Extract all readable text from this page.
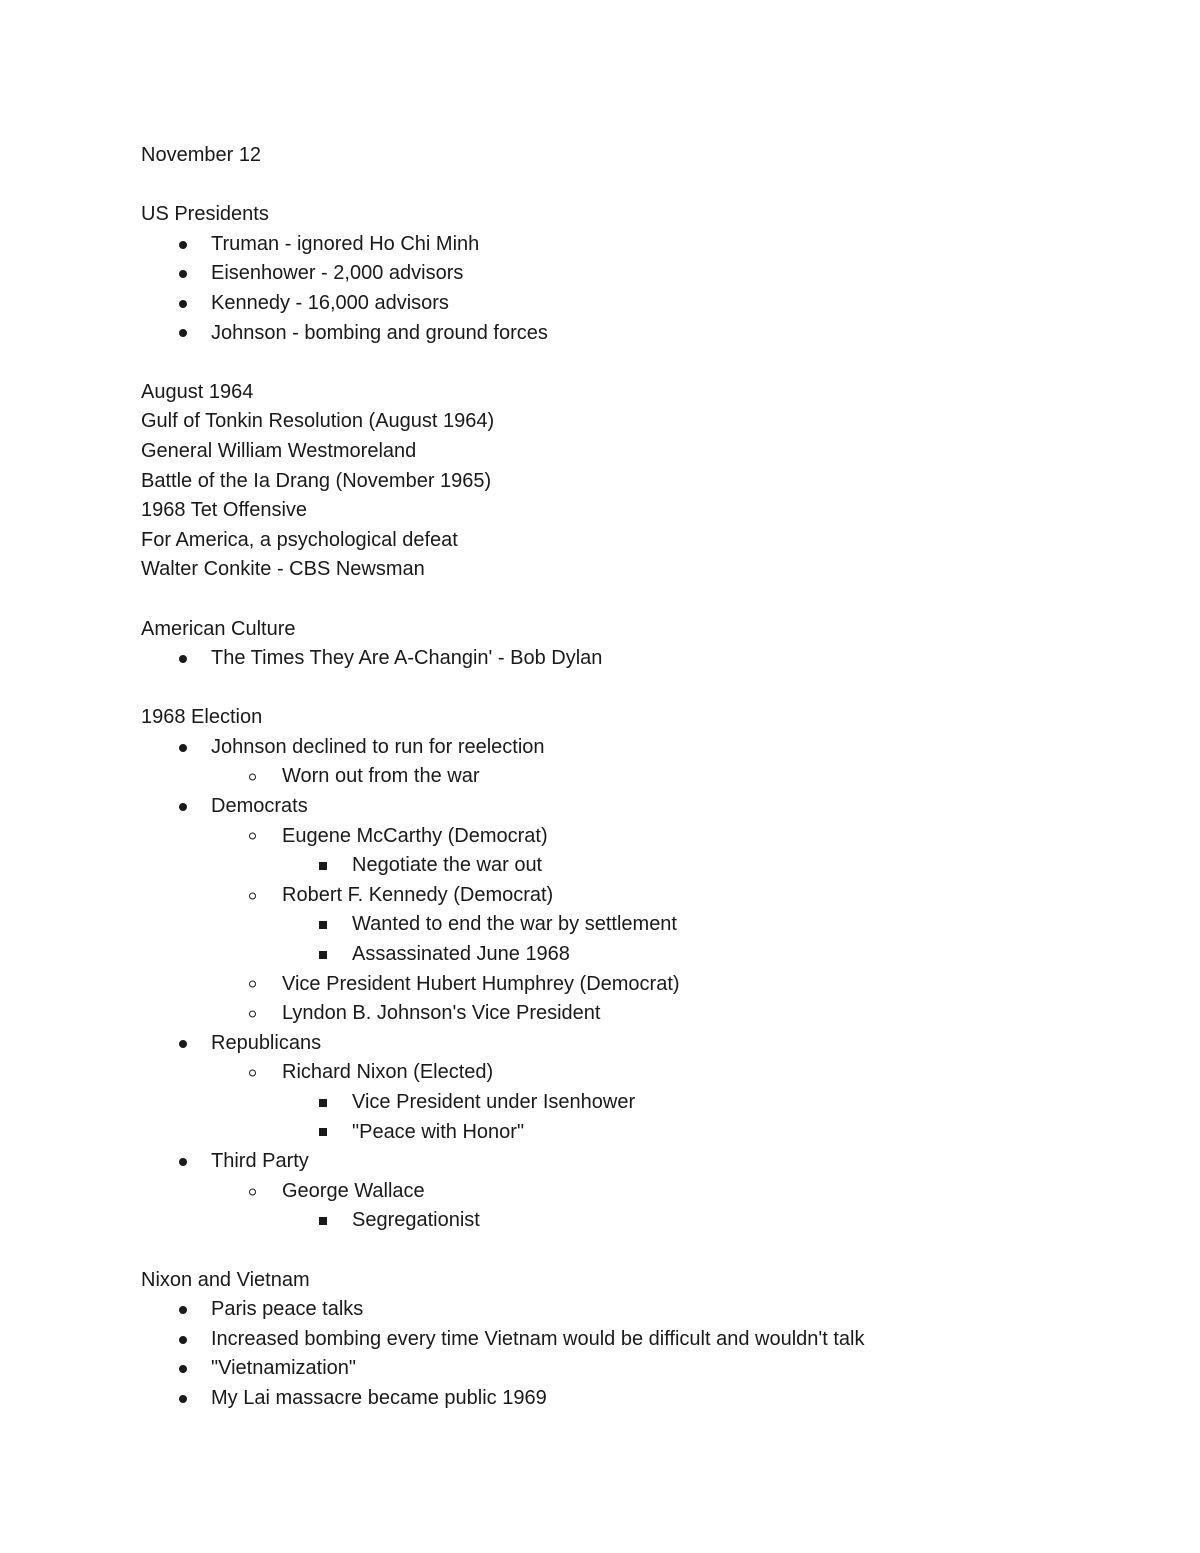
November 12
US Presidents
Truman - ignored Ho Chi Minh
Eisenhower - 2,000 advisors
Kennedy - 16,000 advisors
Johnson - bombing and ground forces
August 1964
Gulf of Tonkin Resolution (August 1964)
General William Westmoreland
Battle of the Ia Drang (November 1965)
1968 Tet Offensive
For America, a psychological defeat
Walter Conkite - CBS Newsman
American Culture
The Times They Are A-Changin' - Bob Dylan
1968 Election
Johnson declined to run for reelection
Worn out from the war
Democrats
Eugene McCarthy (Democrat)
Negotiate the war out
Robert F. Kennedy (Democrat)
Wanted to end the war by settlement
Assassinated June 1968
Vice President Hubert Humphrey (Democrat)
Lyndon B. Johnson's Vice President
Republicans
Richard Nixon (Elected)
Vice President under Isenhower
"Peace with Honor"
Third Party
George Wallace
Segregationist
Nixon and Vietnam
Paris peace talks
Increased bombing every time Vietnam would be difficult and wouldn't talk
"Vietnamization"
My Lai massacre became public 1969
